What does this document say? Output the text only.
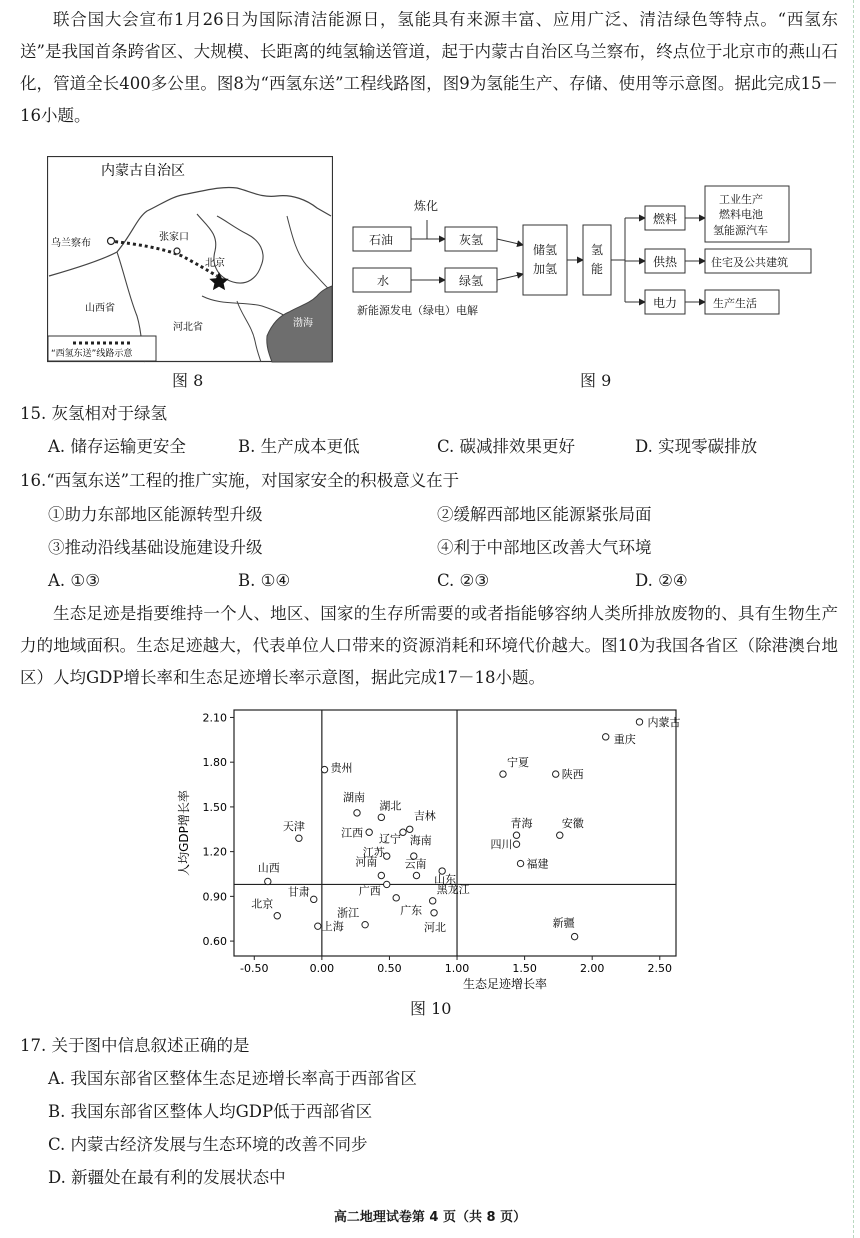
联合国大会宣布1月26日为国际清洁能源日，氢能具有来源丰富、应用广泛、清洁绿色等特点。“西氢东送”是我国首条跨省区、大规模、长距离的纯氢输送管道，起于内蒙古自治区乌兰察布，终点位于北京市的燕山石化，管道全长400多公里。图8为“西氢东送”工程线路图，图9为氢能生产、存储、使用等示意图。据此完成15－16小题。
内蒙古自治区
乌兰察布
张家口
北京
山西省
河北省	渤海
“西氢东送”线路示意
图 8
炼化
石油	灰氢
水	绿氢
新能源发电（绿电）电解
储氢
加氢
氢
能
燃料
供热
电力
工业生产
燃料电池
氢能源汽车
住宅及公共建筑
生产生活
图 9
15. 灰氢相对于绿氢
A. 储存运输更安全	B. 生产成本更低	C. 碳减排效果更好	D. 实现零碳排放
16.“西氢东送”工程的推广实施，对国家安全的积极意义在于
①助力东部地区能源转型升级	②缓解西部地区能源紧张局面
③推动沿线基础设施建设升级	④利于中部地区改善大气环境
A. ①③	B. ①④	C. ②③	D. ②④
生态足迹是指要维持一个人、地区、国家的生存所需要的或者指能够容纳人类所排放废物的、具有生物生产力的地域面积。生态足迹越大，代表单位人口带来的资源消耗和环境代价越大。图10为我国各省区（除港澳台地区）人均GDP增长率和生态足迹增长率示意图，据此完成17－18小题。
-0.50	0.00	0.50	1.00	1.50	2.00	2.50
0.60
0.90
1.20
1.50
1.80
2.10
生态足迹增长率
人均GDP增长率
内蒙古
重庆
宁夏
陕西
贵州
湖南
湖北
江西
吉林
辽宁
天津
江苏
海南
青海	安徽
四川
福建
云南
河南
山东
山西
广西
甘肃
广东
黑龙江
北京
河北
浙江
上海	新疆
图 10
17. 关于图中信息叙述正确的是
A. 我国东部省区整体生态足迹增长率高于西部省区
B. 我国东部省区整体人均GDP低于西部省区
C. 内蒙古经济发展与生态环境的改善不同步
D. 新疆处在最有利的发展状态中
高二地理试卷第 4 页（共 8 页）
